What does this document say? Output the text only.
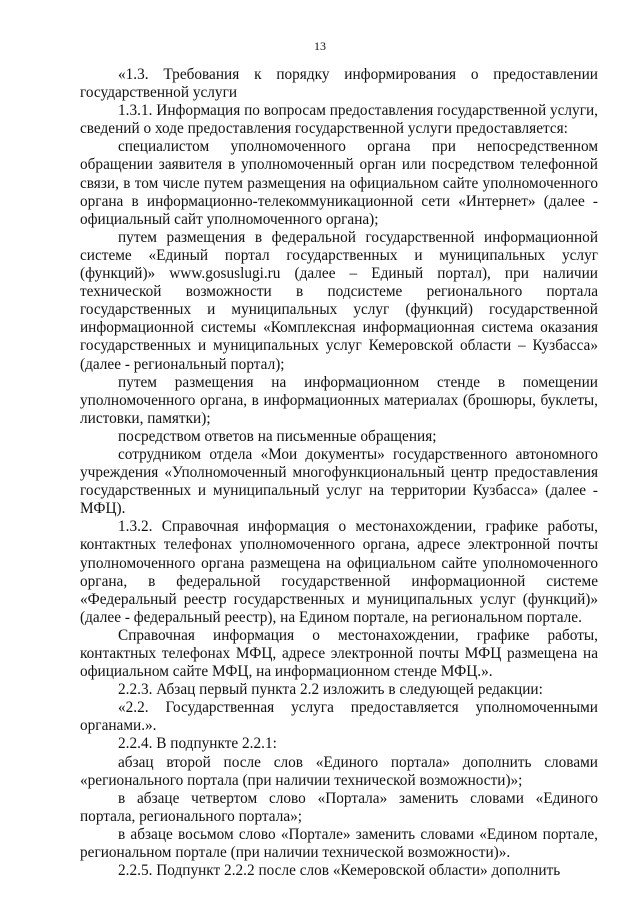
13

«1.3. Требования к порядку информирования о предоставлении государственной услуги

1.3.1. Информация по вопросам предоставления государственной услуги, сведений о ходе предоставления государственной услуги предоставляется:

специалистом уполномоченного органа при непосредственном обращении заявителя в уполномоченный орган или посредством телефонной связи, в том числе путем размещения на официальном сайте уполномоченного органа в информационно-телекоммуникационной сети «Интернет» (далее - официальный сайт уполномоченного органа);

путем размещения в федеральной государственной информационной системе «Единый портал государственных и муниципальных услуг (функций)» www.gosuslugi.ru (далее – Единый портал), при наличии технической возможности в подсистеме регионального портала государственных и муниципальных услуг (функций) государственной информационной системы «Комплексная информационная система оказания государственных и муниципальных услуг Кемеровской области – Кузбасса» (далее - региональный портал);

путем размещения на информационном стенде в помещении уполномоченного органа, в информационных материалах (брошюры, буклеты, листовки, памятки);

посредством ответов на письменные обращения;

сотрудником отдела «Мои документы» государственного автономного учреждения «Уполномоченный многофункциональный центр предоставления государственных и муниципальный услуг на территории Кузбасса» (далее - МФЦ).

1.3.2. Справочная информация о местонахождении, графике работы, контактных телефонах уполномоченного органа, адресе электронной почты уполномоченного органа размещена на официальном сайте уполномоченного органа, в федеральной государственной информационной системе «Федеральный реестр государственных и муниципальных услуг (функций)» (далее - федеральный реестр), на Едином портале, на региональном портале.

Справочная информация о местонахождении, графике работы, контактных телефонах МФЦ, адресе электронной почты МФЦ размещена на официальном сайте МФЦ, на информационном стенде МФЦ.».

2.2.3. Абзац первый пункта 2.2 изложить в следующей редакции:

«2.2. Государственная услуга предоставляется уполномоченными органами.».

2.2.4. В подпункте 2.2.1:

абзац второй после слов «Единого портала» дополнить словами «регионального портала (при наличии технической возможности)»;

в абзаце четвертом слово «Портала» заменить словами «Единого портала, регионального портала»;

в абзаце восьмом слово «Портале» заменить словами «Едином портале, региональном портале (при наличии технической возможности)».

2.2.5. Подпункт 2.2.2 после слов «Кемеровской области» дополнить
